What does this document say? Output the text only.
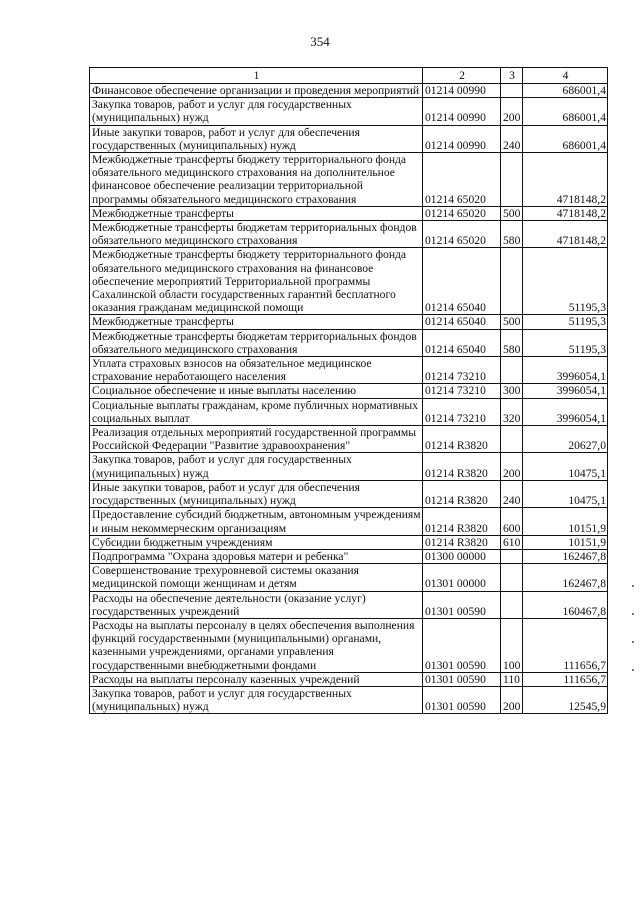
354
1	2	3	4
Финансовое обеспечение организации и проведения мероприятий	01214 00990		686001,4
Закупка товаров, работ и услуг для государственных (муниципальных) нужд	01214 00990	200	686001,4
Иные закупки товаров, работ и услуг для обеспечения государственных (муниципальных) нужд	01214 00990	240	686001,4
Межбюджетные трансферты бюджету территориального фонда обязательного медицинского страхования на дополнительное финансовое обеспечение реализации территориальной программы обязательного медицинского страхования	01214 65020		4718148,2
Межбюджетные трансферты	01214 65020	500	4718148,2
Межбюджетные трансферты бюджетам территориальных фондов обязательного медицинского страхования	01214 65020	580	4718148,2
Межбюджетные трансферты бюджету территориального фонда обязательного медицинского страхования на финансовое обеспечение мероприятий Территориальной программы Сахалинской области государственных гарантий бесплатного оказания гражданам медицинской помощи	01214 65040		51195,3
Межбюджетные трансферты	01214 65040	500	51195,3
Межбюджетные трансферты бюджетам территориальных фондов обязательного медицинского страхования	01214 65040	580	51195,3
Уплата страховых взносов на обязательное медицинское страхование неработающего населения	01214 73210		3996054,1
Социальное обеспечение и иные выплаты населению	01214 73210	300	3996054,1
Социальные выплаты гражданам, кроме публичных нормативных социальных выплат	01214 73210	320	3996054,1
Реализация отдельных мероприятий государственной программы Российской Федерации "Развитие здравоохранения"	01214 R3820		20627,0
Закупка товаров, работ и услуг для государственных (муниципальных) нужд	01214 R3820	200	10475,1
Иные закупки товаров, работ и услуг для обеспечения государственных (муниципальных) нужд	01214 R3820	240	10475,1
Предоставление субсидий бюджетным, автономным учреждениям и иным некоммерческим организациям	01214 R3820	600	10151,9
Субсидии бюджетным учреждениям	01214 R3820	610	10151,9
Подпрограмма "Охрана здоровья матери и ребенка"	01300 00000		162467,8
Совершенствование трехуровневой системы оказания медицинской помощи женщинам и детям	01301 00000		162467,8
Расходы на обеспечение деятельности (оказание услуг) государственных учреждений	01301 00590		160467,8
Расходы на выплаты персоналу в целях обеспечения выполнения функций государственными (муниципальными) органами, казенными учреждениями, органами управления государственными внебюджетными фондами	01301 00590	100	111656,7
Расходы на выплаты персоналу казенных учреждений	01301 00590	110	111656,7
Закупка товаров, работ и услуг для государственных (муниципальных) нужд	01301 00590	200	12545,9
